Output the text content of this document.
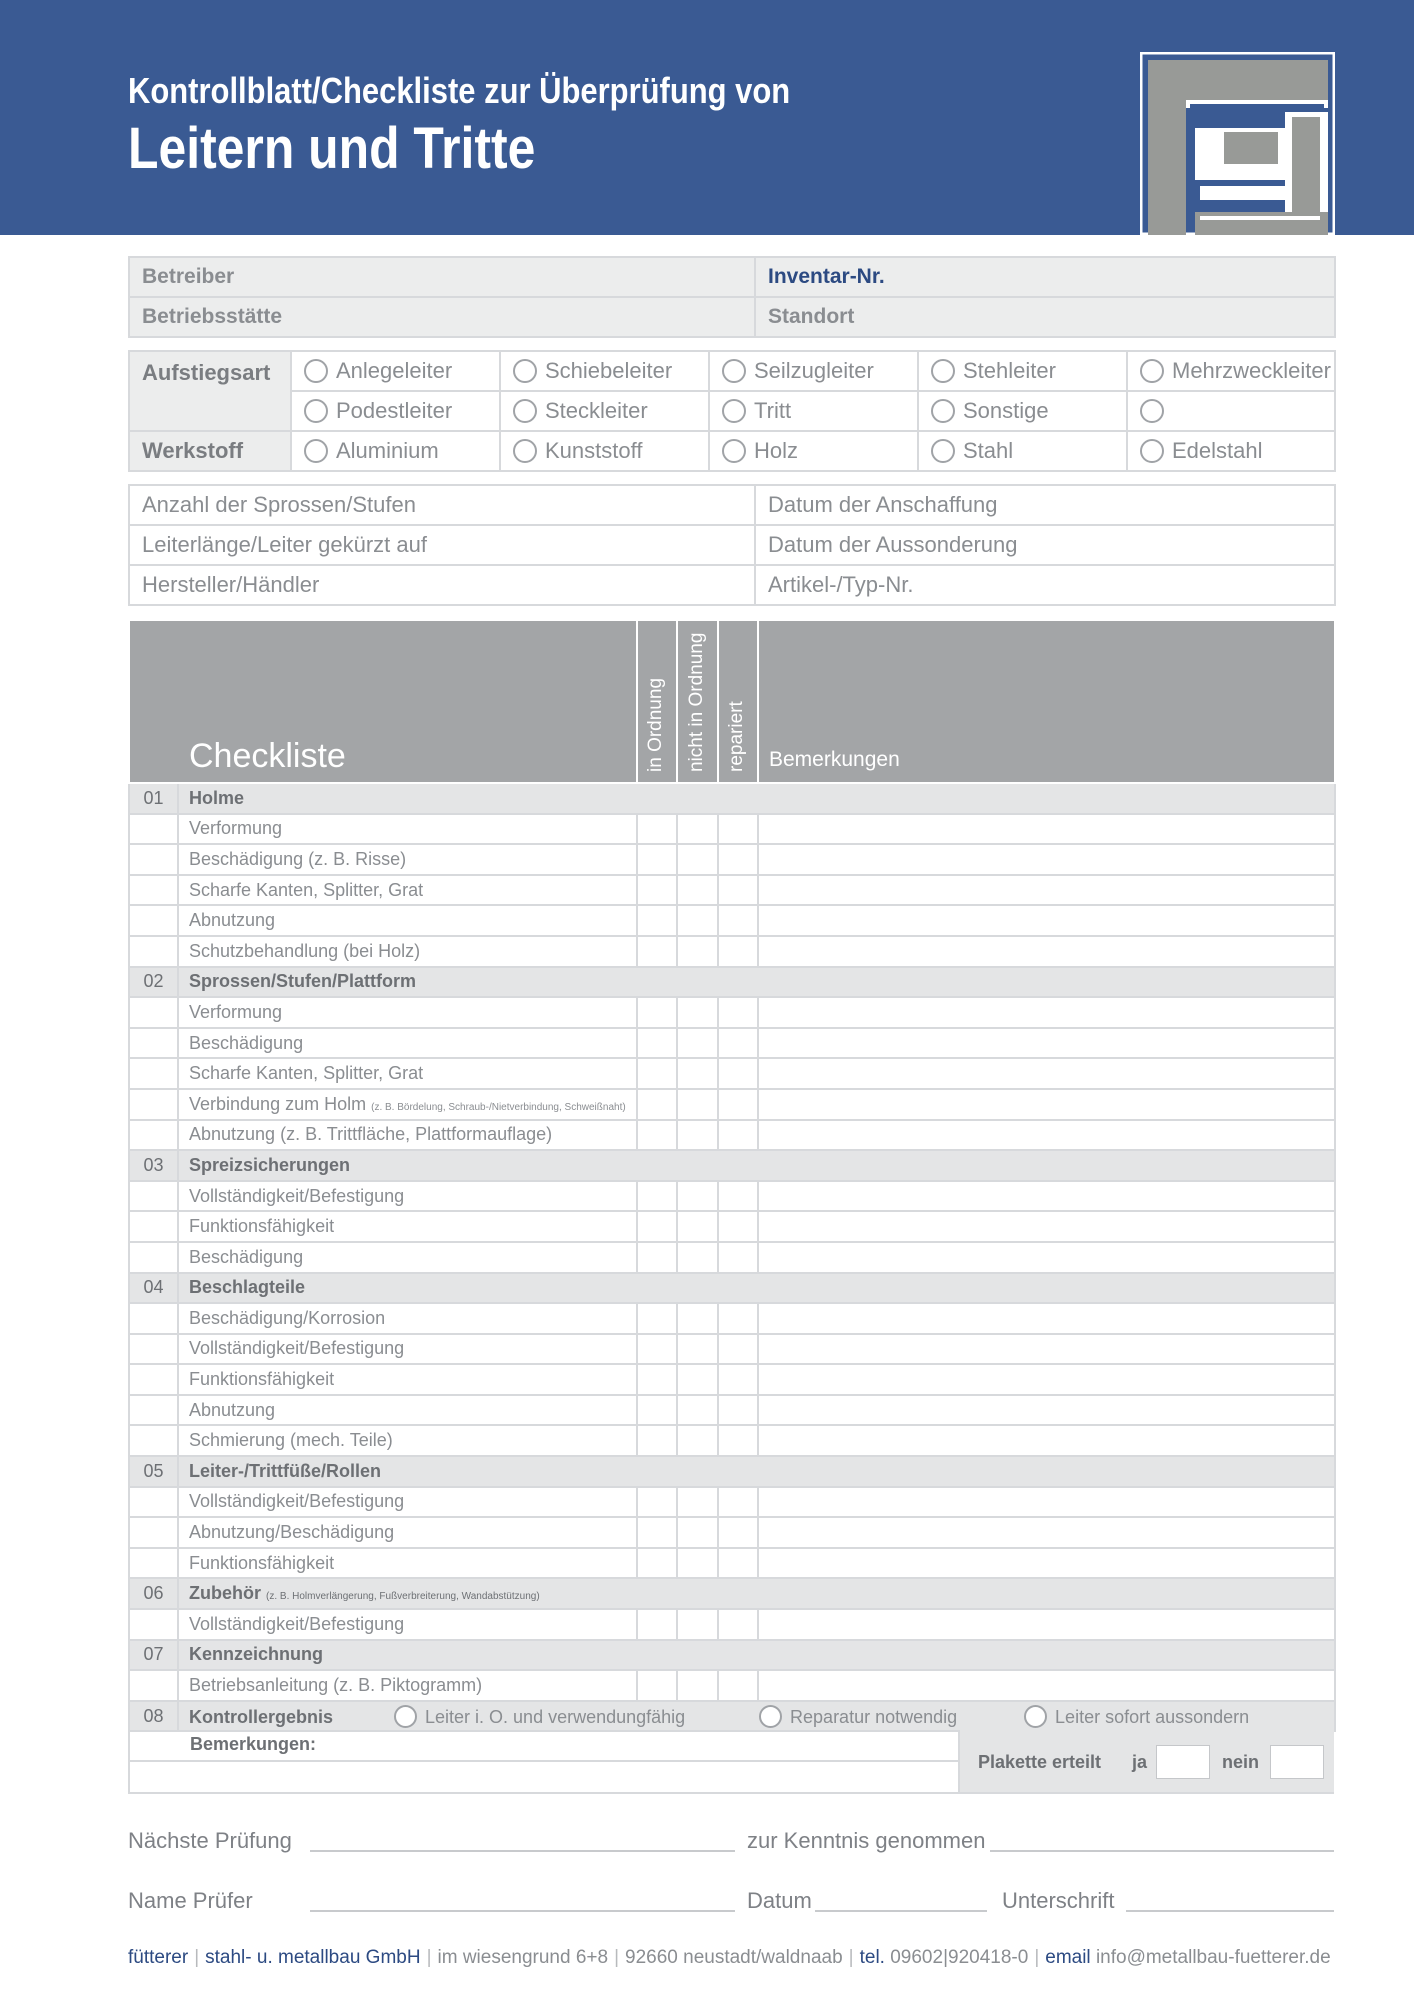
Kontrollblatt/Checkliste zur Überprüfung von
Leitern und Tritte
Betreiber	Inventar-Nr.
Betriebsstätte	Standort
Aufstiegsart	Anlegeleiter	Schiebeleiter	Seilzugleiter	Stehleiter	Mehrzweckleiter
	Podestleiter	Steckleiter	Tritt	Sonstige	
Werkstoff	Aluminium	Kunststoff	Holz	Stahl	Edelstahl
Anzahl der Sprossen/Stufen	Datum der Anschaffung
Leiterlänge/Leiter gekürzt auf	Datum der Aussonderung
Hersteller/Händler	Artikel-/Typ-Nr.
Checkliste		in Ordnung	nicht in Ordnung	repariert	Bemerkungen
01	Holme				
	Verformung				
	Beschädigung (z. B. Risse)				
	Scharfe Kanten, Splitter, Grat				
	Abnutzung				
	Schutzbehandlung (bei Holz)				
02	Sprossen/Stufen/Plattform				
	Verformung				
	Beschädigung				
	Scharfe Kanten, Splitter, Grat				
	Verbindung zum Holm (z. B. Bördelung, Schraub-/Nietverbindung, Schweißnaht)				
	Abnutzung (z. B. Trittfläche, Plattformauflage)				
03	Spreizsicherungen				
	Vollständigkeit/Befestigung				
	Funktionsfähigkeit				
	Beschädigung				
04	Beschlagteile				
	Beschädigung/Korrosion				
	Vollständigkeit/Befestigung				
	Funktionsfähigkeit				
	Abnutzung				
	Schmierung (mech. Teile)				
05	Leiter-/Trittfüße/Rollen				
	Vollständigkeit/Befestigung				
	Abnutzung/Beschädigung				
	Funktionsfähigkeit				
06	Zubehör (z. B. Holmverlängerung, Fußverbreiterung, Wandabstützung)				
	Vollständigkeit/Befestigung				
07	Kennzeichnung				
	Betriebsanleitung (z. B. Piktogramm)				
08	Kontrollergebnis Leiter i. O. und verwendungfähig Reparatur notwendig Leiter sofort aussondern				
Bemerkungen:
Plakette erteilt ja	nein
Nächste Prüfung	zur Kenntnis genommen
Name Prüfer	Datum	Unterschrift
fütterer | stahl- u. metallbau GmbH | im wiesengrund 6+8 | 92660 neustadt/waldnaab | tel. 09602|920418-0 | email info@metallbau-fuetterer.de
